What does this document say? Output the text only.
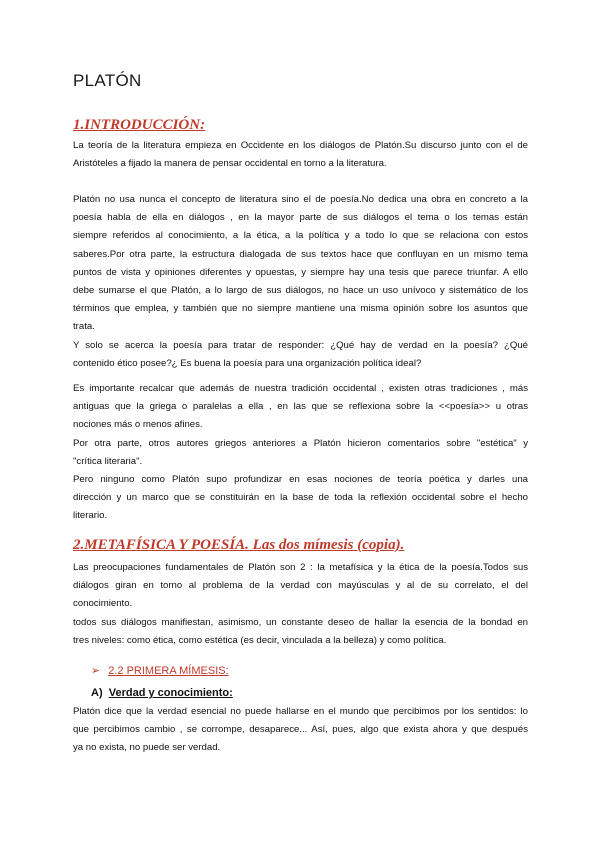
PLATÓN
1.INTRODUCCIÓN:
La teoría de la literatura empieza en Occidente en los diálogos de Platón.Su discurso junto con el de
Aristóteles a fijado la manera de pensar occidental en torno a la literatura.
Platón no usa nunca el concepto de literatura sino el de poesía.No dedica una obra en concreto a la
poesía habla de ella en diálogos , en la mayor parte de sus diálogos el tema o los temas están
siempre referidos al conocimiento, a la ética, a la política y a todo lo que se relaciona con estos
saberes.Por otra parte, la estructura dialogada de sus textos hace que confluyan en un mismo tema
puntos de vista y opiniones diferentes y opuestas, y siempre hay una tesis que parece triunfar. A ello
debe sumarse el que Platón, a lo largo de sus diálogos, no hace un uso unívoco y sistemático de los
términos que emplea, y también que no siempre mantiene una misma opinión sobre los asuntos que
trata.
Y solo se acerca la poesía para tratar de responder: ¿Qué hay de verdad en la poesía? ¿Qué
contenido ético posee?¿ Es buena la poesía para una organización política ideal?
Es importante recalcar que además de nuestra tradición occidental , existen otras tradiciones , más
antiguas que la griega o paralelas a ella , en las que se reflexiona sobre la <<poesía>> u otras
nociones más o menos afines.
Por otra parte, otros autores griegos anteriores a Platón hicieron comentarios sobre "estética" y
"crítica literaria".
Pero ninguno como Platón supo profundizar en esas nociones de teoría poética y darles una
dirección y un marco que se constituirán en la base de toda la reflexión occidental sobre el hecho
literario.
2.METAFÍSICA Y POESÍA. Las dos mímesis (copia).
Las preocupaciones fundamentales de Platón son 2 : la metafísica y la ética de la poesía.Todos sus
diálogos giran en torno al problema de la verdad con mayúsculas y al de su correlato, el del
conocimiento.
todos sus diálogos manifiestan, asimismo, un constante deseo de hallar la esencia de la bondad en
tres niveles: como ética, como estética (es decir, vinculada a la belleza) y como política.
➢ 2.2 PRIMERA MÍMESIS:
A) Verdad y conocimiento:
Platón dice que la verdad esencial no puede hallarse en el mundo que percibimos por los sentidos: lo
que percibimos cambio , se corrompe, desaparece... Así, pues, algo que exista ahora y que después
ya no exista, no puede ser verdad.
